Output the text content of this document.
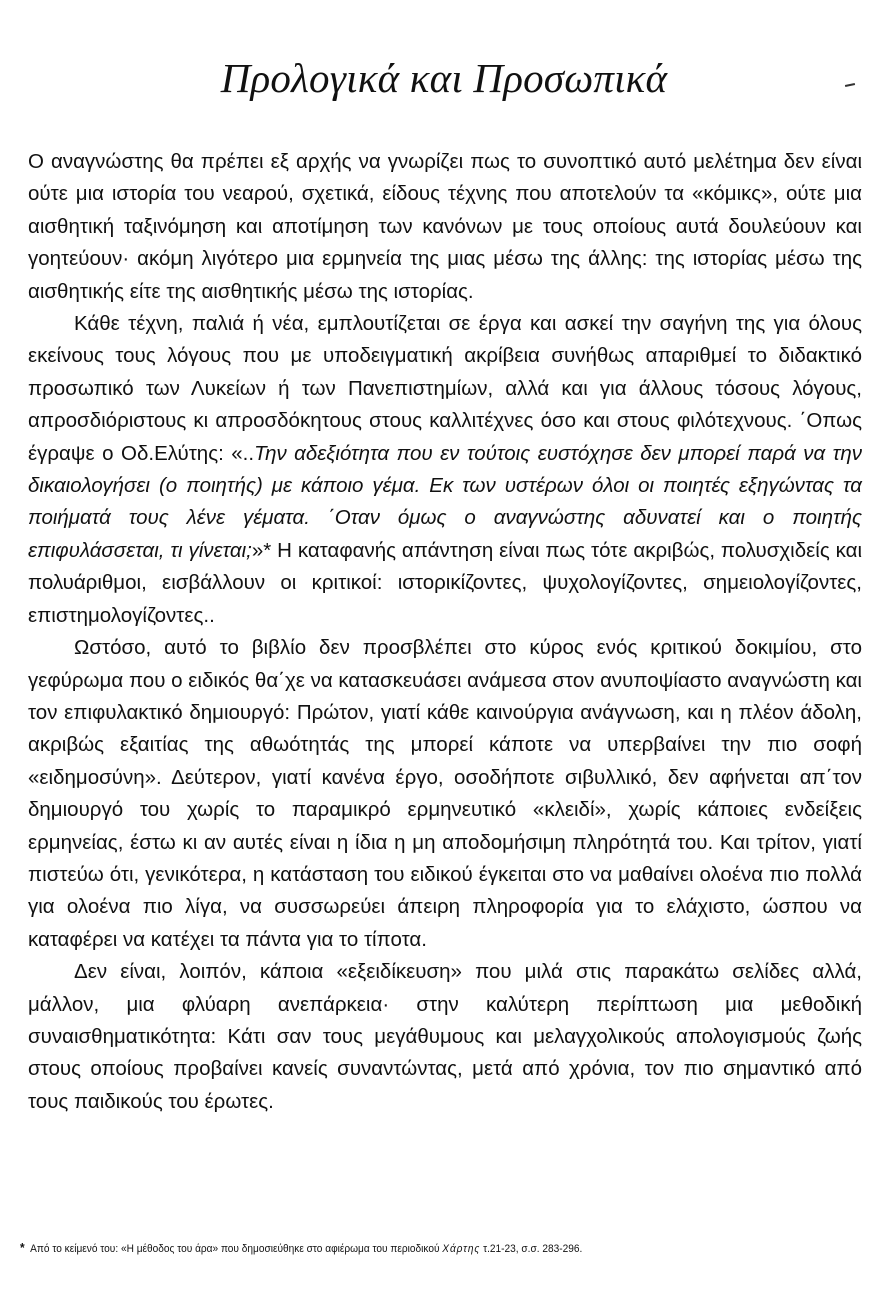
Προλογικά και Προσωπικά

Ο αναγνώστης θα πρέπει εξ αρχής να γνωρίζει πως το συνοπτικό αυτό μελέτημα δεν είναι ούτε μια ιστορία του νεαρού, σχετικά, είδους τέχνης που αποτελούν τα «κόμικς», ούτε μια αισθητική ταξινόμηση και αποτίμηση των κανόνων με τους οποίους αυτά δουλεύουν και γοητεύουν· ακόμη λιγότερο μια ερμηνεία της μιας μέσω της άλλης: της ιστορίας μέσω της αισθητικής είτε της αισθητικής μέσω της ιστορίας.

Κάθε τέχνη, παλιά ή νέα, εμπλουτίζεται σε έργα και ασκεί την σαγήνη της για όλους εκείνους τους λόγους που με υποδειγματική ακρίβεια συνήθως απαριθμεί το διδακτικό προσωπικό των Λυκείων ή των Πανεπιστημίων, αλλά και για άλλους τόσους λόγους, απροσδιόριστους κι απροσδόκητους στους καλλιτέχνες όσο και στους φιλότεχνους. ΄Οπως έγραψε ο Οδ.Ελύτης: «..Την αδεξιότητα που εν τούτοις ευστόχησε δεν μπορεί παρά να την δικαιολογήσει (ο ποιητής) με κάποιο γέμα. Εκ των υστέρων όλοι οι ποιητές εξηγώντας τα ποιήματά τους λένε γέματα. ΄Οταν όμως ο αναγνώστης αδυνατεί και ο ποιητής επιφυλάσσεται, τι γίνεται;»* Η καταφανής απάντηση είναι πως τότε ακριβώς, πολυσχιδείς και πολυάριθμοι, εισβάλλουν οι κριτικοί: ιστορικίζοντες, ψυχολογίζοντες, σημειολογίζοντες, επιστημολογίζοντες..

Ωστόσο, αυτό το βιβλίο δεν προσβλέπει στο κύρος ενός κριτικού δοκιμίου, στο γεφύρωμα που ο ειδικός θα΄χε να κατασκευάσει ανάμεσα στον ανυποψίαστο αναγνώστη και τον επιφυλακτικό δημιουργό: Πρώτον, γιατί κάθε καινούργια ανάγνωση, και η πλέον άδολη, ακριβώς εξαιτίας της αθωότητάς της μπορεί κάποτε να υπερβαίνει την πιο σοφή «ειδημοσύνη». Δεύτερον, γιατί κανένα έργο, οσοδήποτε σιβυλλικό, δεν αφήνεται απ΄τον δημιουργό του χωρίς το παραμικρό ερμηνευτικό «κλειδί», χωρίς κάποιες ενδείξεις ερμηνείας, έστω κι αν αυτές είναι η ίδια η μη αποδομήσιμη πληρότητά του. Και τρίτον, γιατί πιστεύω ότι, γενικότερα, η κατάσταση του ειδικού έγκειται στο να μαθαίνει ολοένα πιο πολλά για ολοένα πιο λίγα, να συσσωρεύει άπειρη πληροφορία για το ελάχιστο, ώσπου να καταφέρει να κατέχει τα πάντα για το τίποτα.

Δεν είναι, λοιπόν, κάποια «εξειδίκευση» που μιλά στις παρακάτω σελίδες αλλά, μάλλον, μια φλύαρη ανεπάρκεια· στην καλύτερη περίπτωση μια μεθοδική συναισθηματικότητα: Κάτι σαν τους μεγάθυμους και μελαγχολικούς απολογισμούς ζωής στους οποίους προβαίνει κανείς συναντώντας, μετά από χρόνια, τον πιο σημαντικό από τους παιδικούς του έρωτες.

* Από το κείμενό του: «Η μέθοδος του άρα» που δημοσιεύθηκε στο αφιέρωμα του περιοδικού Χάρτης τ.21-23, σ.σ. 283-296.
